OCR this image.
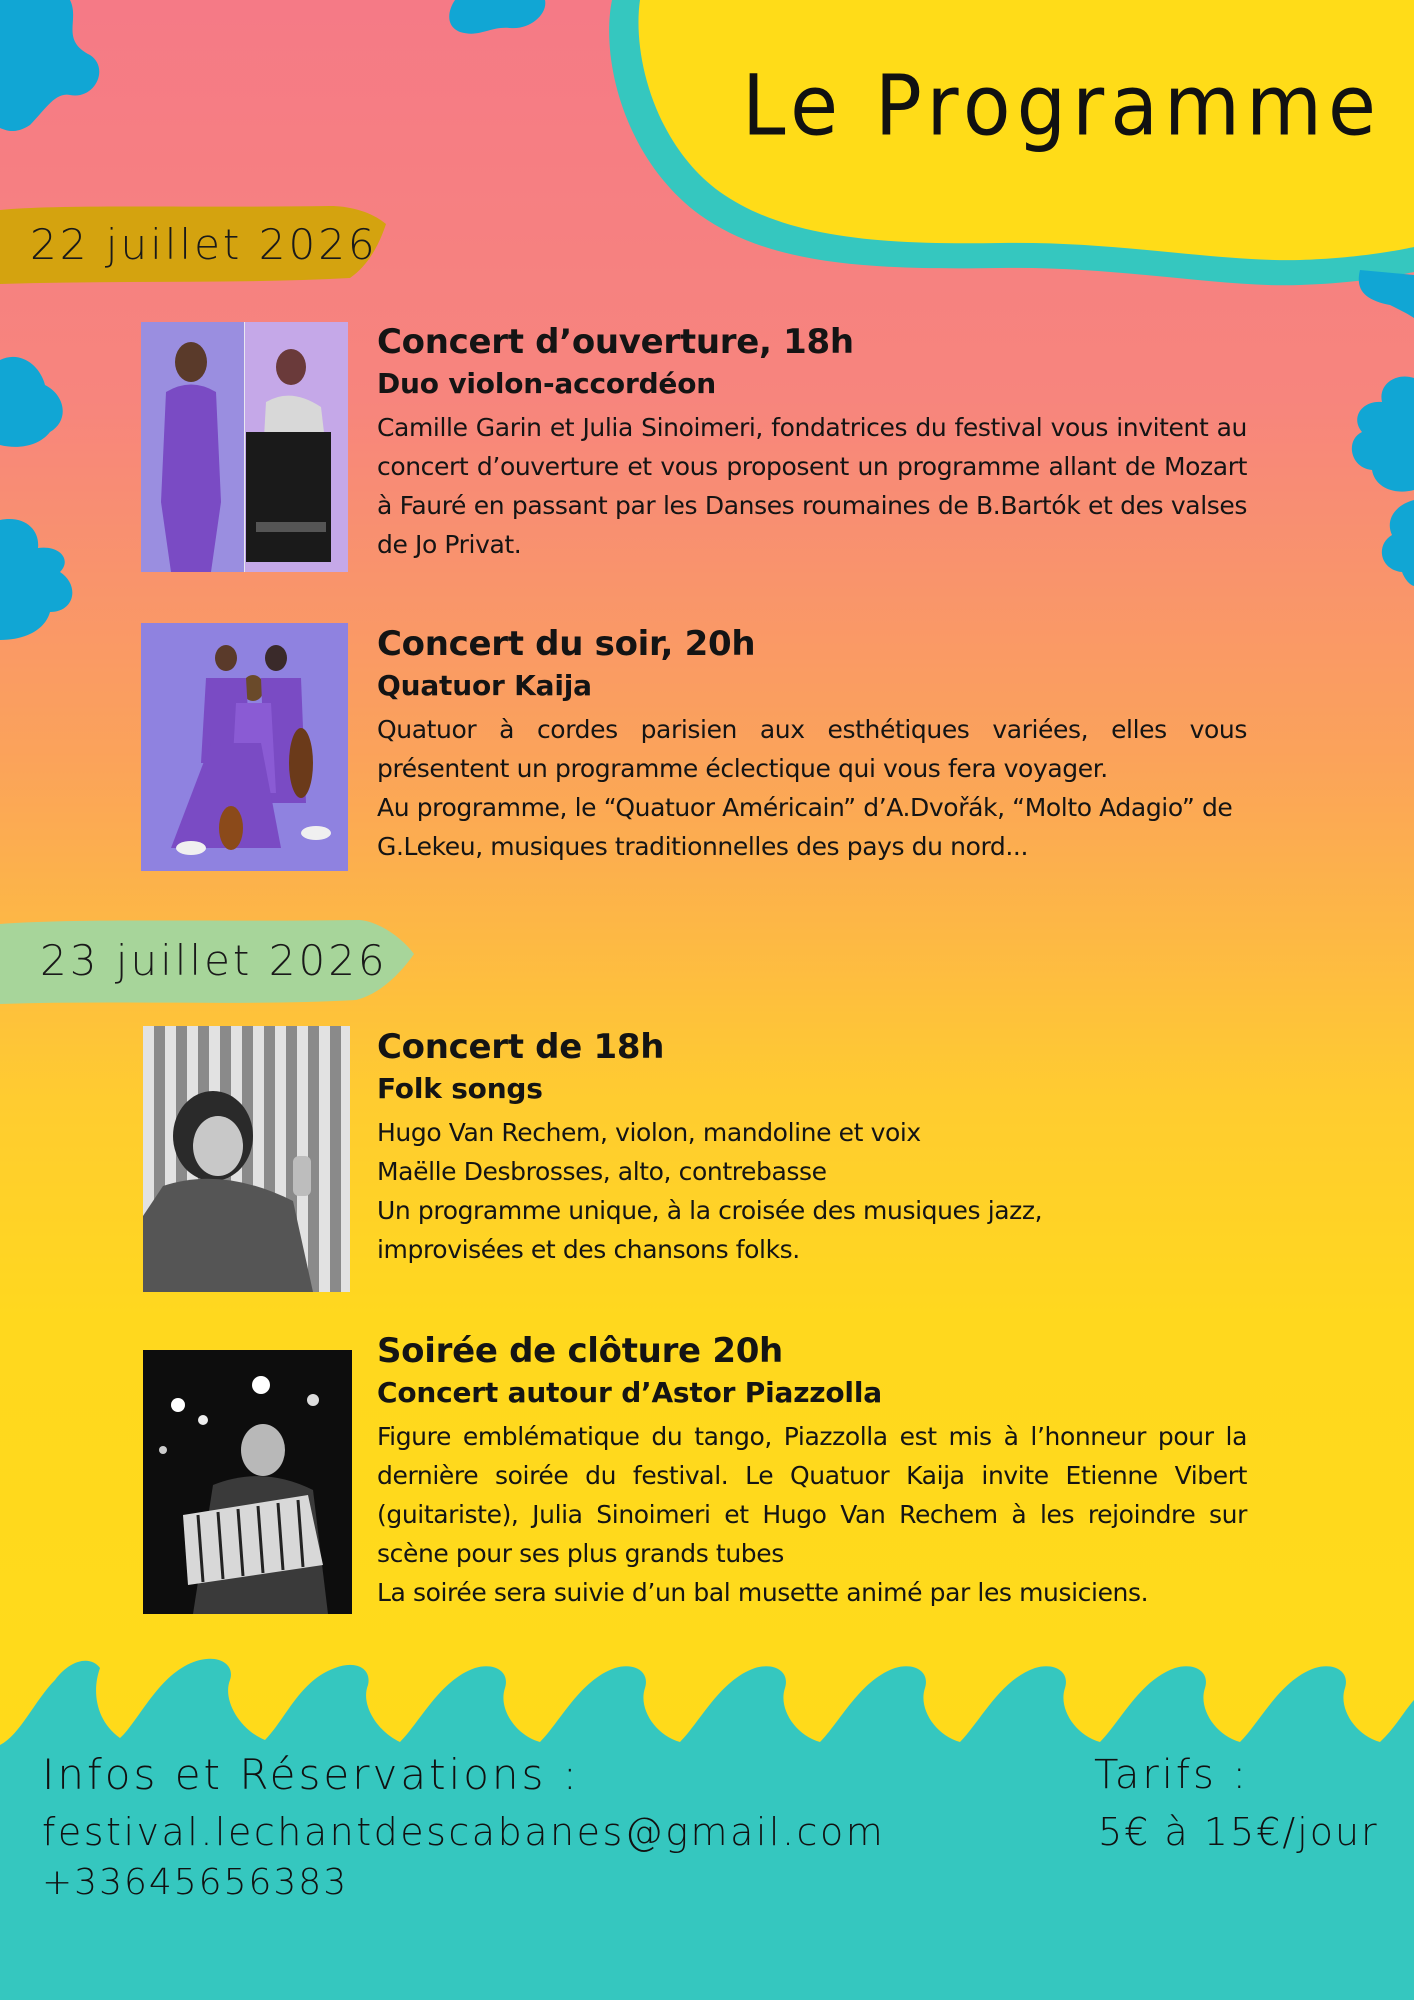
Le Programme
22 juillet 2026
23 juillet 2026
Concert d’ouverture, 18h
Duo violon-accordéon

Camille Garin et Julia Sinoimeri, fondatrices du festival vous invitent au concert d’ouverture et vous proposent un programme allant de Mozart à Fauré en passant par les Danses roumaines de B.Bartók et des valses de Jo Privat.

Concert du soir, 20h
Quatuor Kaija

Quatuor à cordes parisien aux esthétiques variées, elles vous présentent un programme éclectique qui vous fera voyager.

Au programme, le “Quatuor Américain” d’A.Dvořák, “Molto Adagio” de G.Lekeu, musiques traditionnelles des pays du nord...

Concert de 18h
Folk songs

Hugo Van Rechem, violon, mandoline et voix

Maëlle Desbrosses, alto, contrebasse

Un programme unique, à la croisée des musiques jazz, improvisées et des chansons folks.

Soirée de clôture 20h
Concert autour d’Astor Piazzolla

Figure emblématique du tango, Piazzolla est mis à l’honneur pour la dernière soirée du festival. Le Quatuor Kaija invite Etienne Vibert (guitariste), Julia Sinoimeri et Hugo Van Rechem à les rejoindre sur scène pour ses plus grands tubes

La soirée sera suivie d’un bal musette animé par les musiciens.

Infos et Réservations :
festival.lechantdescabanes@gmail.com
+33645656383
Tarifs :
5€ à 15€/jour
